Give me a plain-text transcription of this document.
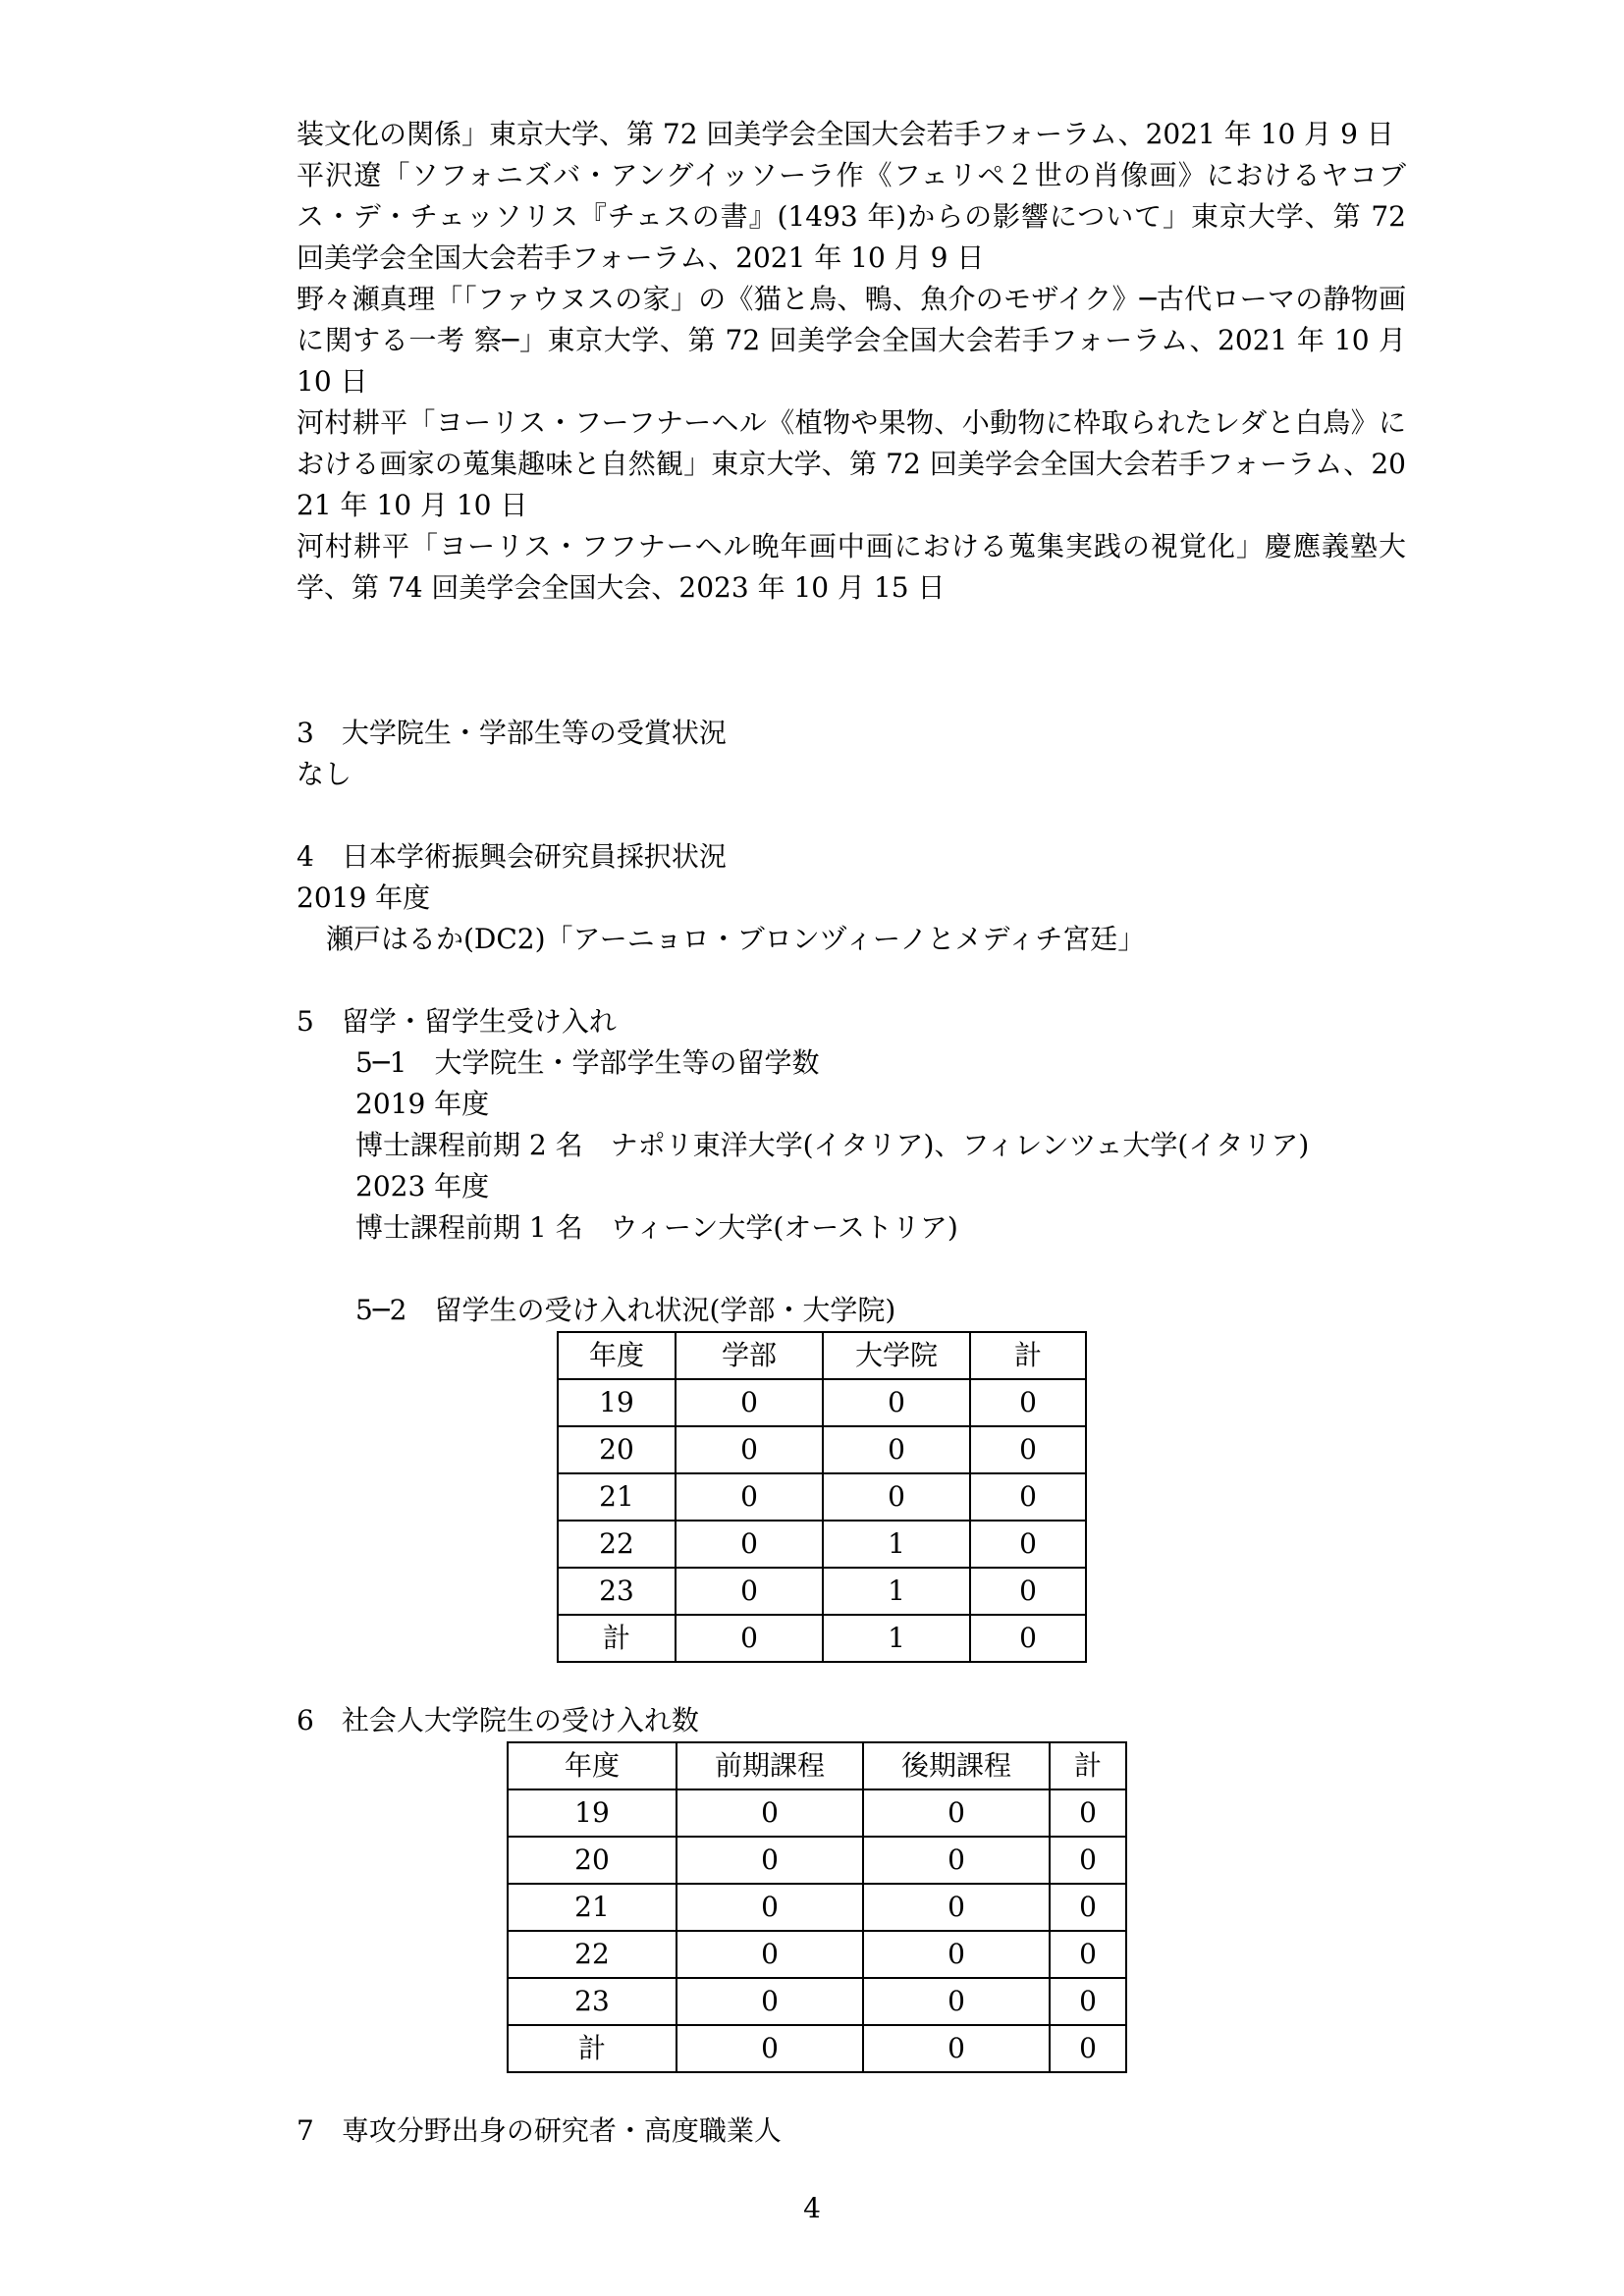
装文化の関係」東京大学、第 72 回美学会全国大会若手フォーラム、2021 年 10 月 9 日

平沢遼「ソフォニズバ・アングイッソーラ作《フェリペ２世の肖像画》におけるヤコブス・デ・チェッソリス『チェスの書』(1493 年)からの影響について」東京大学、第 72 回美学会全国大会若手フォーラム、2021 年 10 月 9 日

野々瀬真理「「ファウヌスの家」の《猫と鳥、鴨、魚介のモザイク》─古代ローマの静物画に関する一考 察─」東京大学、第 72 回美学会全国大会若手フォーラム、2021 年 10 月 10 日

河村耕平「ヨーリス・フーフナーヘル《植物や果物、小動物に枠取られたレダと白鳥》における画家の蒐集趣味と自然観」東京大学、第 72 回美学会全国大会若手フォーラム、2021 年 10 月 10 日

河村耕平「ヨーリス・フフナーヘル晩年画中画における蒐集実践の視覚化」慶應義塾大学、第 74 回美学会全国大会、2023 年 10 月 15 日

3　大学院生・学部生等の受賞状況
なし
4　日本学術振興会研究員採択状況
2019 年度
瀬戸はるか(DC2)「アーニョロ・ブロンヅィーノとメディチ宮廷」
5　留学・留学生受け入れ
5─1　大学院生・学部学生等の留学数
2019 年度
博士課程前期 2 名　ナポリ東洋大学(イタリア)、フィレンツェ大学(イタリア)
2023 年度
博士課程前期 1 名　ウィーン大学(オーストリア)
5─2　留学生の受け入れ状況(学部・大学院)
年度	学部	大学院	計
19	0	0	0
20	0	0	0
21	0	0	0
22	0	1	0
23	0	1	0
計	0	1	0
6　社会人大学院生の受け入れ数
年度	前期課程	後期課程	計
19	0	0	0
20	0	0	0
21	0	0	0
22	0	0	0
23	0	0	0
計	0	0	0
7　専攻分野出身の研究者・高度職業人
4
